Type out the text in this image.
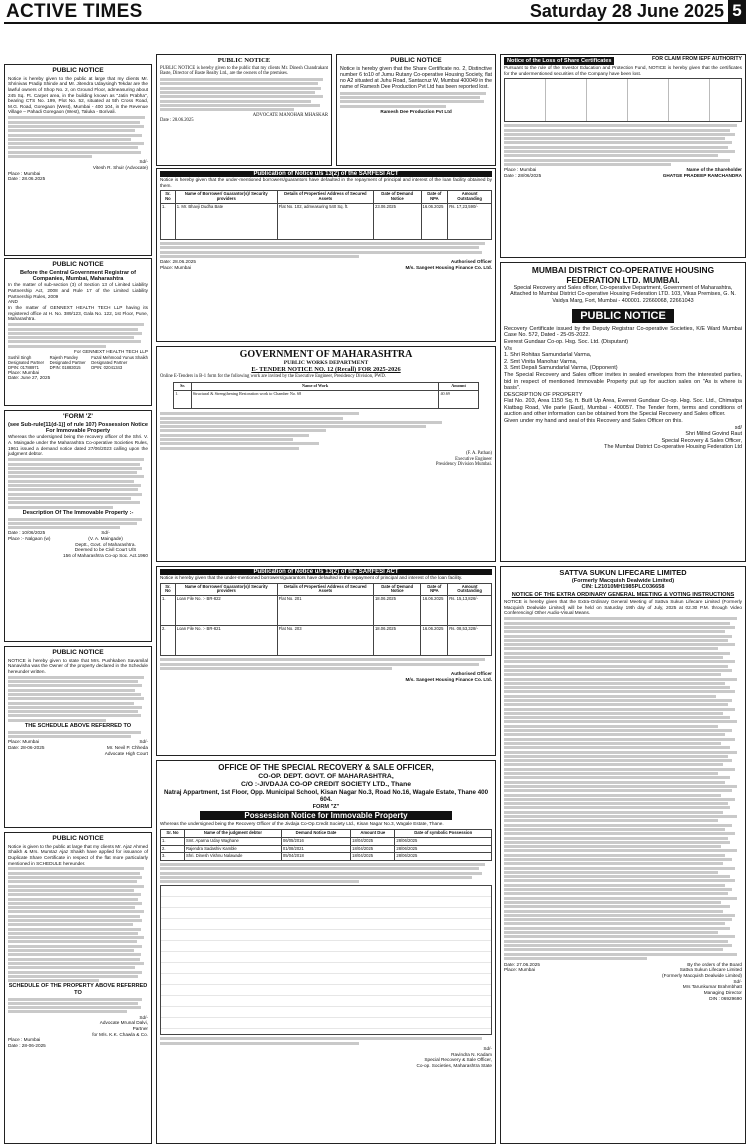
ACTIVE TIMES	Saturday 28 June 2025 5
PUBLIC NOTICE
Notice is hereby given to the public at large that my clients Mr. Shrinivas Pradip Shinde and Mr. Jitendra Udaysingh Tekdar are the lawful owners of Shop No. 2, on Ground Floor, admeasuring about 245 Sq. Ft. Carpet area, in the building known as "Jatin Prabha", bearing CTS No. 199, Plot No. 52, situated at 5th Cross Road, M.G. Road, Goregaon (West), Mumbai - 400 104, in the Revenue Village – Pahadi Goregaon (West), Taluka - Borivali.
Sd/-
Vitesh R. Shuir (Advocate)
Place : Mumbai
Date : 28.06.2025
PUBLIC NOTICE
Before the Central Government Registrar of Companies, Mumbai, Maharashtra
In the matter of sub-section (3) of Section 13 of Limited Liability Partnership Act, 2008 and Rule 17 of the Limited Liability Partnership Rules, 2009
AND
In the matter of GENNEXT HEALTH TECH LLP having its registered office at H. No. 389/123, Gala No. 122, 1st Floor, Pune, Maharashtra.
For GENNEXT HEALTH TECH LLP
Sushil Singh
Designated Partner
DPIN: 01788971
Rajesh Pandey
Designated Partner
DPIN: 01883015
Fazal Mehmood Yunus Shaikh
Designated Partner
DPIN: 02041343
Place: Mumbai
Date: June 27, 2025
'FORM 'Z'
(see Sub-rule[11(d-1)] of rule 107) Possession Notice For Immovable Property
Whereas the undersigned being the recovery officer of the Shri. V. A. Maingade under the Maharashtra Co-operative Societies Rules, 1961 issued a demand notice dated 27/06/2023 calling upon the judgment debtor.
Description Of The Immovable Property :-
Date : 10/06/2025
Place :- Nalgaon (w)
Sd/-
(V. A. Maingade)
Deptt., Govt. of Maharashtra.
Deemed to be Civil Court U/S
156 of Maharashtra Co-op Soc. Act.1960
PUBLIC NOTICE
NOTICE is hereby given to state that Mrs. Pushkaben Savamilal Nanavisha was the Owner of the property declared in the Schedule hereunder written.
THE SCHEDULE ABOVE REFERRED TO
Place: Mumbai
Date: 28-06-2025
Sd/-
Mr. Nevil P. Chheda
Advocate High Court
PUBLIC NOTICE
Notice is given to the public at large that my clients Mr. Ajaz Ahmed Shaikh & Mrs. Mumtaz Ajaz Shaikh have applied for issuance of Duplicate Share Certificate in respect of the flat more particularly mentioned in SCHEDULE hereunder.
SCHEDULE OF THE PROPERTY ABOVE REFERRED TO
Sd/-
Advocate Mrunal Dalvi,
Partner
for M/s. K.K. Chawla & Co.
Place : Mumbai
Date : 28-06-2025
PUBLIC NOTICE
PUBLIC NOTICE is hereby given to the public that my clients Mr. Dinesh Chandrakant Baste, Director of Baste Realty Ltd., are the owners of the premises.
ADVOCATE MANOHAR MHASKAR
Date : 28.06.2025
PUBLIC NOTICE
Notice is hereby given that the Share Certificate no. 2, Distinctive number 6 to10 of Jumu Rutany Co-operative Housing Society, flat no A2 situated at Juhu Road, Santacruz W, Mumbai 400049 in the name of Ramesh Dee Production Pvt Ltd has been reported lost.
Ramesh Dee Production Pvt Ltd
Publication of Notice u/s 13(2) of the SARFESI ACT
Notice is hereby given that the under-mentioned borrowers/guarantors have defaulted in the repayment of principal and interest of the loan facility obtained by them.
Sr. No	Name of Borrower/ Guarantor(s)/ Security providers	Details of Properties/ Address of Secured Assets	Date of Demand Notice	Date of NPA	Amount Outstanding
1.	1. Mr. Bhavji Dudha Bate	Flat No. 102, admeasuring 540 Sq. ft.	23.06.2025	16.06.2025	Rs. 17,23,590/-
Date: 28.06.2025
Place: Mumbai
Authorised Officer
M/s. Sangeet Housing Finance Co. Ltd.
GOVERNMENT OF MAHARASHTRA
PUBLIC WORKS DEPARTMENT
E- TENDER NOTICE NO. 12 (Recall) FOR 2025-2026
Online E-Tenders in B-1 form for the following work are invited by the Executive Engineer, Presidency Division, PWD.
Sr.	Name of Work	Amount
1.	Structural & Strengthening Restoration work to Chamber No. 68	40.69
(F. A. Pathan)
Executive Engineer
Presidency Division Mumbai.
Publication of Notice u/s 13(2) of the SARFESI ACT
Notice is hereby given that the under-mentioned borrowers/guarantors have defaulted in the repayment of principal and interest of the loan facility.
Sr. No	Name of Borrower/ Guarantor(s)/ Security providers	Details of Properties/ Address of Secured Assets	Date of Demand Notice	Date of NPA	Amount Outstanding
1.	Loan File No. :- BR-822	Flat No. 201	18.06.2025	16.06.2025	Rs. 15,13,826/-
2.	Loan File No. :- BR-821	Flat No. 203	18.06.2025	16.06.2025	Rs. 08,53,328/-
Authorised Officer
M/s. Sangeet Housing Finance Co. Ltd.
OFFICE OF THE SPECIAL RECOVERY & SALE OFFICER,
CO-OP. DEPT. GOVT. OF MAHARASHTRA,
C/O :-JIVDAJA CO-OP CREDIT SOCIETY LTD., Thane
Natraj Appartment, 1st Floor, Opp. Municipal School, Kisan Nagar No.3, Road No.16, Wagale Estate, Thane 400 604.
FORM "Z"
Possession Notice for Immovable Property
Whereas the undersigned being the Recovery Officer of the Jivdaja Co-Op.Credit Society Ltd., Kisan Nagar No.3, Wagale Estate, Thane.
Sr. No	Name of the judgment debtor	Demand Notice Date	Amount Due	Date of symbolic Possession
1.	Smt. Aparna Uday Waghane	06/05/2016	18/04/2025	28/06/2025
2.	Rajendra Sadashiv Kamble	01/08/2021	18/04/2025	28/06/2025
3.	Shri. Dinesh Vishnu Nalawade	05/04/2018	18/04/2025	28/06/2025
Sd/-
Ravindra N. Kadam
Special Recovery & Sale Officer,
Co-op. Societies, Maharashtra State
Notice of the Loss of Share Certificates	FOR CLAIM FROM IEPF AUTHORITY
Pursuant to the rule of the Investor Education and Protection Fund, NOTICE is hereby given that the certificates for the undermentioned securities of the Company have been lost.
Place : Mumbai
Date : 28/06/2025
Name of the Shareholder
GHATGE PRADEEP RAMCHANDRA
MUMBAI DISTRICT CO-OPERATIVE HOUSING FEDERATION LTD. MUMBAI.
Special Recovery and Sales officer, Co-operative Department, Government of Maharashtra, Attached to Mumbai District Co-operative Housing Federation LTD. 103, Vikas Premises, G. N. Vaidya Marg, Fort, Mumbai - 400001. 22660068, 22661043
PUBLIC NOTICE
Recovery Certificate issued by the Deputy Registrar Co-operative Societies, K/E Ward Mumbai Case No. 572, Dated - 25-05-2022.
Everest Gundaar Co-op. Hsg. Soc. Ltd. (Disputant)
V/s
1. Shri Rohitas Samundarlal Varma,
2. Smt Vinita Manohar Varma,
3. Smt Depali Samundarlal Varma, (Opponent)
The Special Recovery and Sales officer invites in sealed envelopes from the interested parties, bid in respect of mentioned Immovable Property put up for auction sales on "As is where is basis".
DESCRIPTION OF PROPERTY
Flat No. 203, Area 1150 Sq. ft. Built Up Area, Everest Gundaar Co-op. Hsg. Soc. Ltd., Chimatpa Kiatbag Road, Vile parle (East), Mumbai - 400057. The Tender form, terms and conditions of auction and other information can be obtained from the Special Recovery and Sales officer.
Given under my hand and seal of this Recovery and Sales Officer on this.
sd/
Shri Milind Govind Raut
Special Recovery & Sales Officer,
The Mumbai District Co-operative Housing Federation Ltd
SATTVA SUKUN LIFECARE LIMITED
(Formerly Macquish Dealwide Limited)
CIN: L21010MH1985PLC036658
NOTICE OF THE EXTRA ORDINARY GENERAL MEETING & VOTING INSTRUCTIONS
NOTICE is hereby given that the Extra-Ordinary General Meeting of Sattva Sukun Lifecare Limited (Formerly Macquish Dealwide Limited) will be held on Saturday 19th day of July, 2025 at 02.30 P.M. through Video Conferencing/ Other Audio-Visual Means.
Date: 27.06.2025
Place: Mumbai
By the orders of the Board
Sattva Sukun Lifecare Limited
(Formerly Macquish Dealwide Limited)
Sd/-
Mrs Tarunkumar Brahmbhatt
Managing Director
DIN : 06929690
